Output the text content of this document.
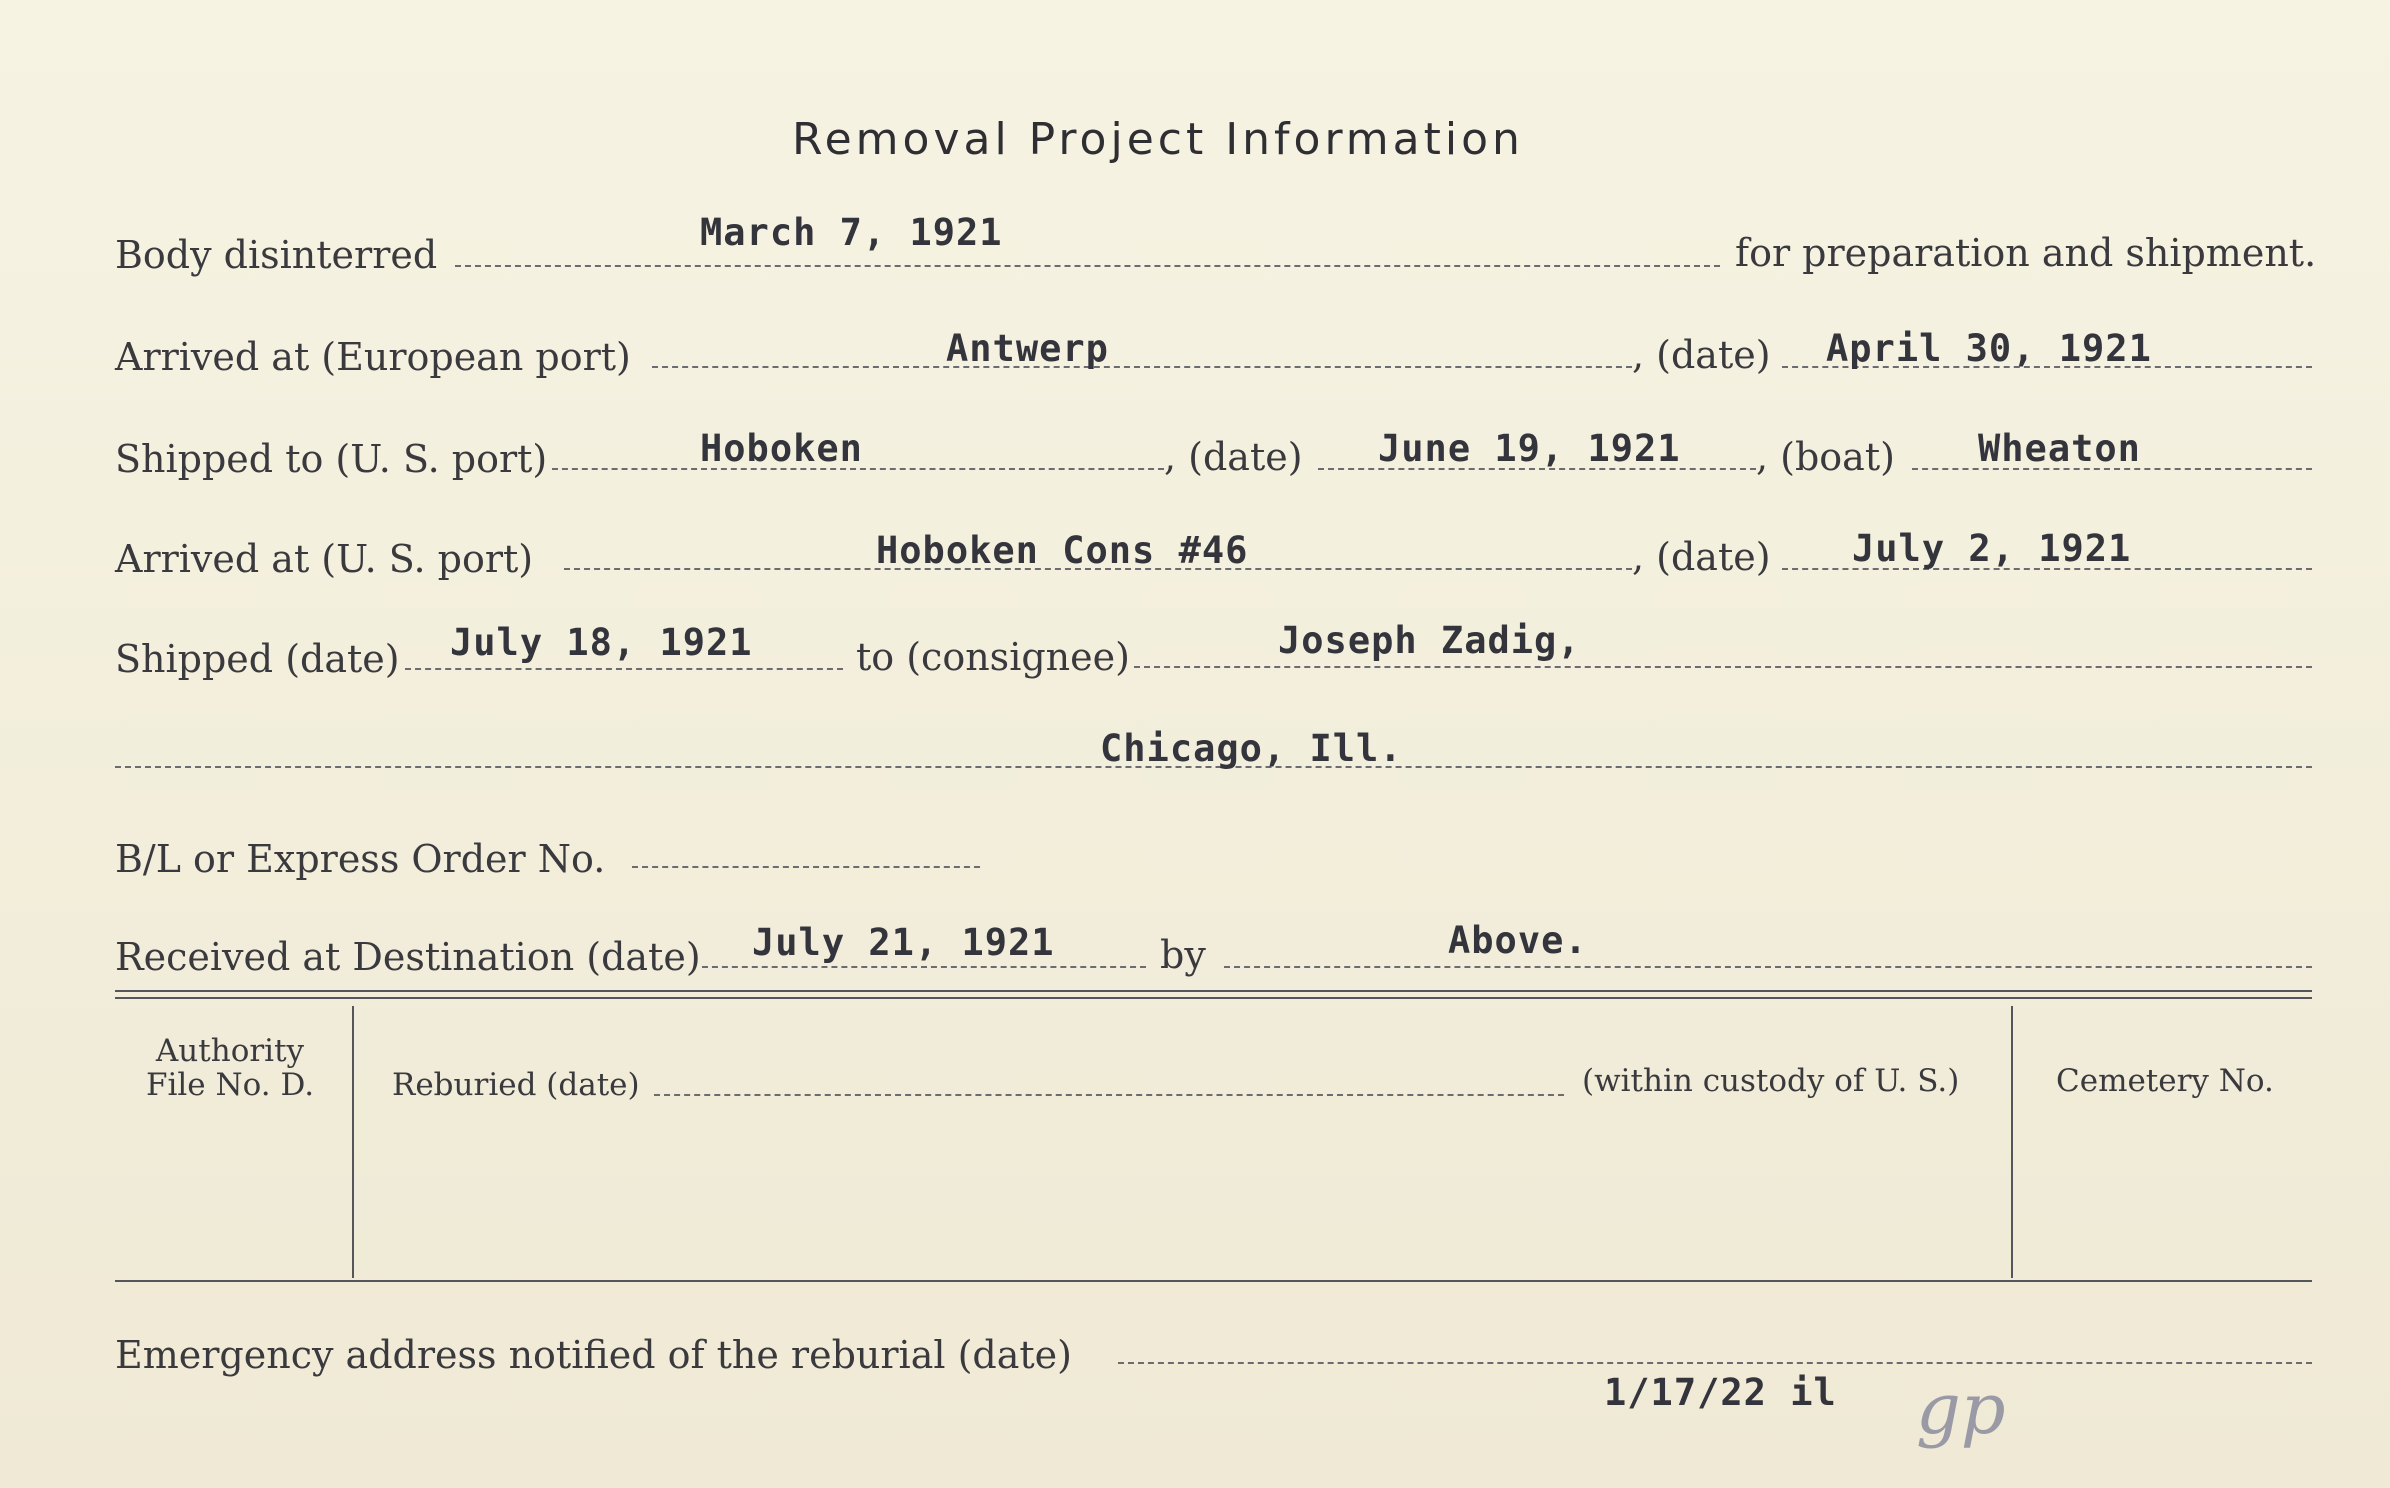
Removal Project Information
Body disinterred
March 7, 1921	for preparation and shipment.
Arrived at (European port)	Antwerp	, (date) April 30, 1921
Shipped to (U. S. port)	Hoboken	, (date) June 19, 1921 , (boat) Wheaton
Arrived at (U. S. port)	Hoboken Cons #46	, (date) July 2, 1921
Shipped (date) July 18, 1921	to (consignee)	Joseph Zadig,
Chicago, Ill.
B/L or Express Order No.
Received at Destination (date) July 21, 1921	by	Above.
Authority
File No. D.	Reburied (date)	(within custody of U. S.)	Cemetery No.
Emergency address notified of the reburial (date)
1/17/22 il gp
